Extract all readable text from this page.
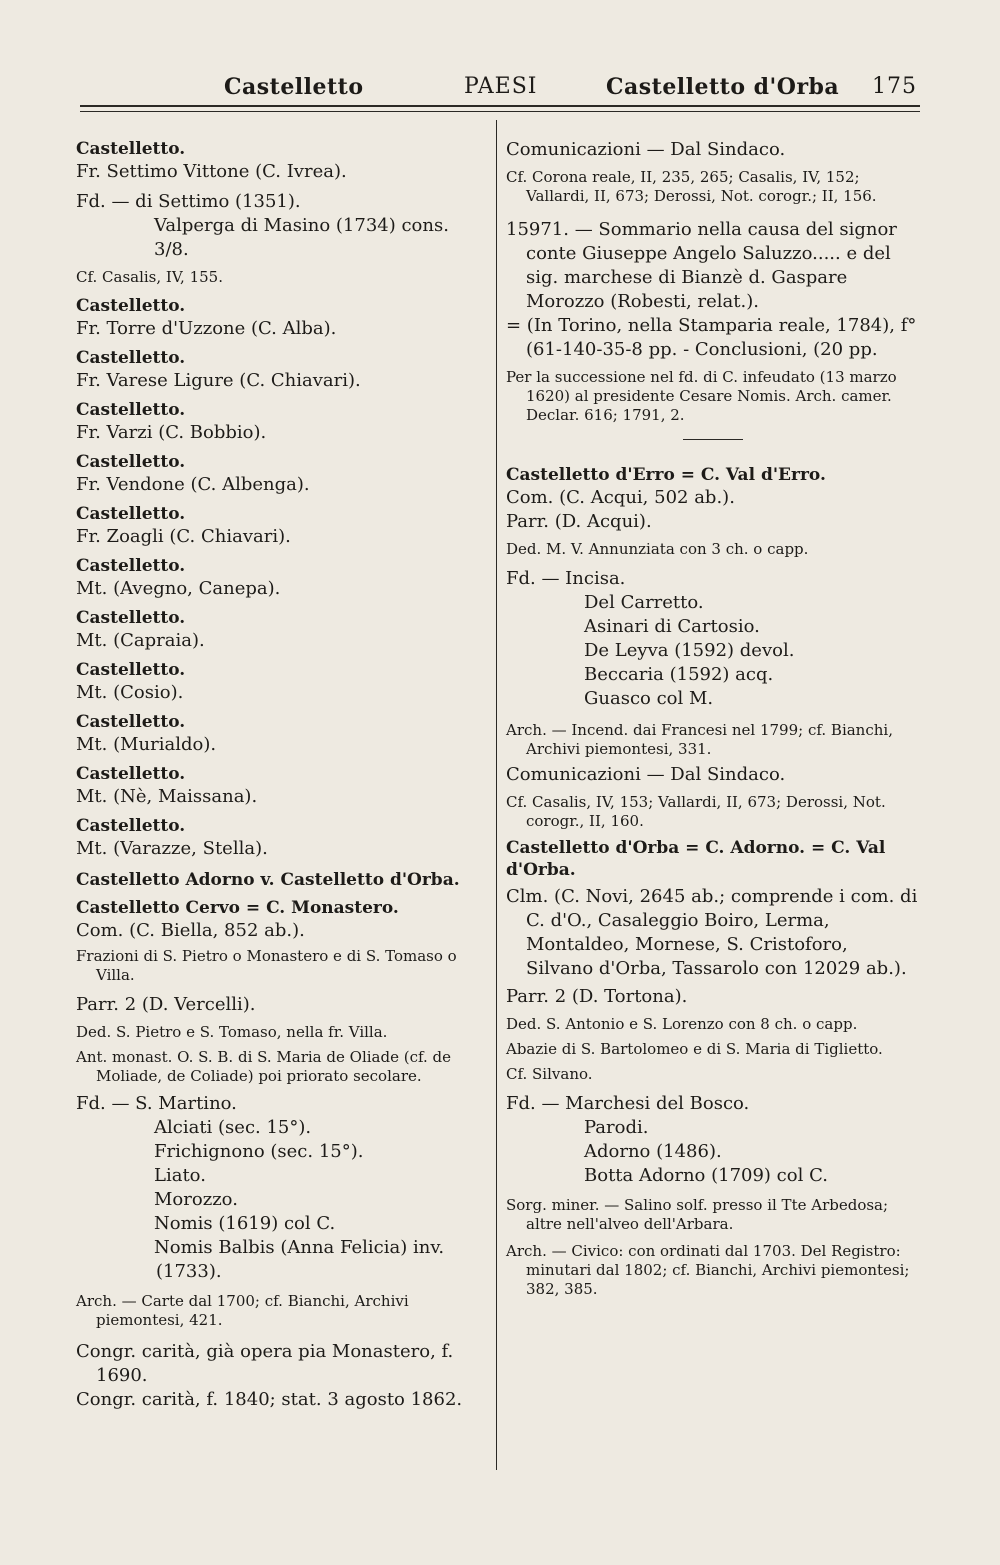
Castelletto	PAESI	Castelletto d'Orba 175
Castelletto.
Fr. Settimo Vittone (C. Ivrea).
Fd. — di Settimo (1351).
Valperga di Masino (1734) cons. 3/8.
Cf. Casalis, IV, 155.
Castelletto.
Fr. Torre d'Uzzone (C. Alba).
Castelletto.
Fr. Varese Ligure (C. Chiavari).
Castelletto.
Fr. Varzi (C. Bobbio).
Castelletto.
Fr. Vendone (C. Albenga).
Castelletto.
Fr. Zoagli (C. Chiavari).
Castelletto.
Mt. (Avegno, Canepa).
Castelletto.
Mt. (Capraia).
Castelletto.
Mt. (Cosio).
Castelletto.
Mt. (Murialdo).
Castelletto.
Mt. (Nè, Maissana).
Castelletto.
Mt. (Varazze, Stella).
Castelletto Adorno v. Castelletto d'Orba.
Castelletto Cervo = C. Monastero.
Com. (C. Biella, 852 ab.).
Frazioni di S. Pietro o Monastero e di S. Tomaso o Villa.
Parr. 2 (D. Vercelli).
Ded. S. Pietro e S. Tomaso, nella fr. Villa.
Ant. monast. O. S. B. di S. Maria de Oliade (cf. de Moliade, de Coliade) poi priorato secolare.
Fd. — S. Martino.
Alciati (sec. 15°).
Frichignono (sec. 15°).
Liato.
Morozzo.
Nomis (1619) col C.
Nomis Balbis (Anna Felicia) inv.
(1733).
Arch. — Carte dal 1700; cf. Bianchi, Archivi piemontesi, 421.
Congr. carità, già opera pia Monastero, f. 1690.
Congr. carità, f. 1840; stat. 3 agosto 1862.
Comunicazioni — Dal Sindaco.
Cf. Corona reale, II, 235, 265; Casalis, IV, 152; Vallardi, II, 673; Derossi, Not. corogr.; II, 156.
15971. — Sommario nella causa del signor conte Giuseppe Angelo Saluzzo..... e del sig. marchese di Bianzè d. Gaspare Morozzo (Robesti, relat.).
= (In Torino, nella Stamparia reale, 1784), f° (61-140-35-8 pp. - Conclusioni, (20 pp.
Per la successione nel fd. di C. infeudato (13 marzo 1620) al presidente Cesare Nomis. Arch. camer. Declar. 616; 1791, 2.
Castelletto d'Erro = C. Val d'Erro.
Com. (C. Acqui, 502 ab.).
Parr. (D. Acqui).
Ded. M. V. Annunziata con 3 ch. o capp.
Fd. — Incisa.
Del Carretto.
Asinari di Cartosio.
De Leyva (1592) devol.
Beccaria (1592) acq.
Guasco col M.
Arch. — Incend. dai Francesi nel 1799; cf. Bianchi, Archivi piemontesi, 331.
Comunicazioni — Dal Sindaco.
Cf. Casalis, IV, 153; Vallardi, II, 673; Derossi, Not. corogr., II, 160.
Castelletto d'Orba = C. Adorno. = C. Val d'Orba.
Clm. (C. Novi, 2645 ab.; comprende i com. di C. d'O., Casaleggio Boiro, Lerma, Montaldeo, Mornese, S. Cristoforo, Silvano d'Orba, Tassarolo con 12029 ab.).
Parr. 2 (D. Tortona).
Ded. S. Antonio e S. Lorenzo con 8 ch. o capp.
Abazie di S. Bartolomeo e di S. Maria di Tiglietto.
Cf. Silvano.
Fd. — Marchesi del Bosco.
Parodi.
Adorno (1486).
Botta Adorno (1709) col C.
Sorg. miner. — Salino solf. presso il Tte Arbedosa; altre nell'alveo dell'Arbara.
Arch. — Civico: con ordinati dal 1703. Del Registro: minutari dal 1802; cf. Bianchi, Archivi piemontesi; 382, 385.
